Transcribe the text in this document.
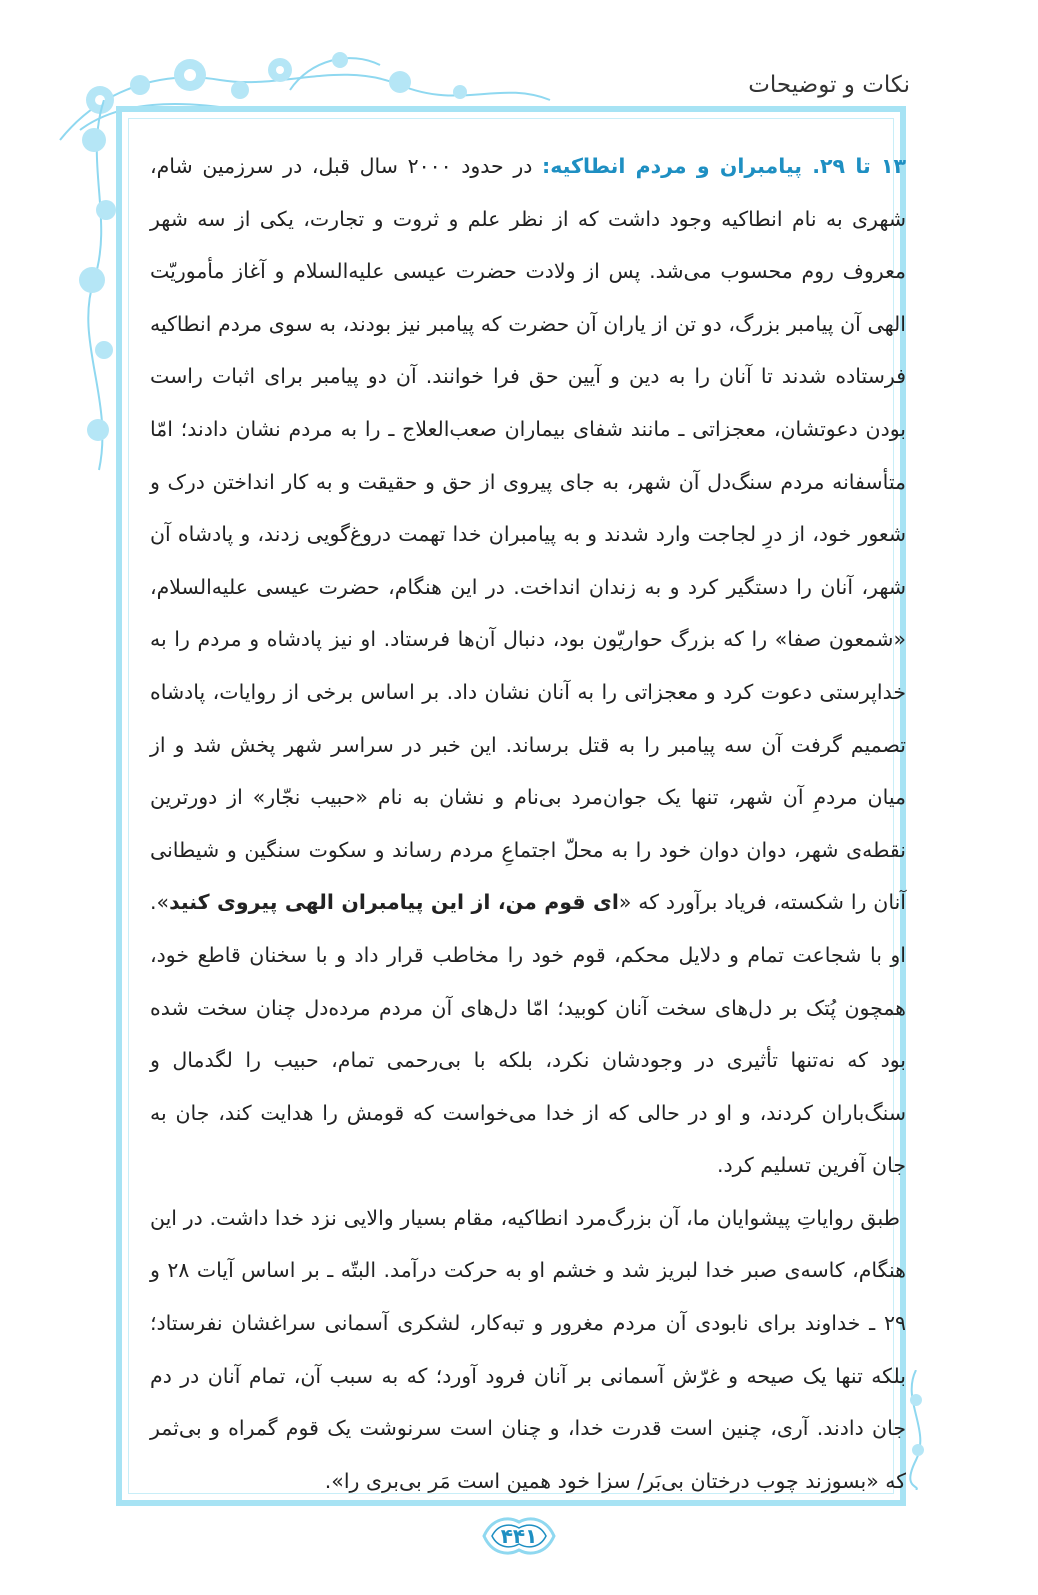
نکات و توضیحات

۱۳ تا ۲۹. پیامبران و مردم انطاکیه: در حدود ۲۰۰۰ سال قبل، در سرزمین شام، شهری به نام انطاکیه وجود داشت که از نظر علم و ثروت و تجارت، یکی از سه شهر معروف روم محسوب می‌شد. پس از ولادت حضرت عیسی علیه‌السلام و آغاز مأموریّت الهی آن پیامبر بزرگ، دو تن از یاران آن حضرت که پیامبر نیز بودند، به سوی مردم انطاکیه فرستاده شدند تا آنان را به دین و آیین حق فرا خوانند. آن دو پیامبر برای اثبات راست بودن دعوتشان، معجزاتی ـ مانند شفای بیماران صعب‌العلاج ـ را به مردم نشان دادند؛ امّا متأسفانه مردم سنگ‌دل آن شهر، به جای پیروی از حق و حقیقت و به کار انداختن درک و شعور خود، از درِ لجاجت وارد شدند و به پیامبران خدا تهمت دروغ‌گویی زدند، و پادشاه آن شهر، آنان را دستگیر کرد و به زندان انداخت. در این هنگام، حضرت عیسی علیه‌السلام، «شمعون صفا» را که بزرگ حواریّون بود، دنبال آن‌ها فرستاد. او نیز پادشاه و مردم را به خداپرستی دعوت کرد و معجزاتی را به آنان نشان داد. بر اساس برخی از روایات، پادشاه تصمیم گرفت آن سه پیامبر را به قتل برساند. این خبر در سراسر شهر پخش شد و از میان مردمِ آن شهر، تنها یک جوان‌مرد بی‌نام و نشان به نام «حبیب نجّار» از دورترین نقطه‌ی شهر، دوان دوان خود را به محلّ اجتماعِ مردم رساند و سکوت سنگین و شیطانی آنان را شکسته، فریاد برآورد که «ای قوم من، از این پیامبران الهی پیروی کنید». او با شجاعت تمام و دلایل محکم، قوم خود را مخاطب قرار داد و با سخنان قاطع خود، همچون پُتک بر دل‌های سخت آنان کوبید؛ امّا دل‌های آن مردم مرده‌دل چنان سخت شده بود که نه‌تنها تأثیری در وجودشان نکرد، بلکه با بی‌رحمی تمام، حبیب را لگدمال و سنگ‌باران کردند، و او در حالی که از خدا می‌خواست که قومش را هدایت کند، جان به جان آفرین تسلیم کرد.

طبق روایاتِ پیشوایان ما، آن بزرگ‌مرد انطاکیه، مقام بسیار والایی نزد خدا داشت. در این هنگام، کاسه‌ی صبر خدا لبریز شد و خشم او به حرکت درآمد. البتّه ـ بر اساس آیات ۲۸ و ۲۹ ـ خداوند برای نابودی آن مردم مغرور و تبه‌کار، لشکری آسمانی سراغشان نفرستاد؛ بلکه تنها یک صیحه و غرّش آسمانی بر آنان فرود آورد؛ که به سبب آن، تمام آنان در دم جان دادند. آری، چنین است قدرت خدا، و چنان است سرنوشت یک قوم گمراه و بی‌ثمر که «بسوزند چوب درختان بی‌بَر/ سزا خود همین است مَر بی‌بری را».

۴۴۱
